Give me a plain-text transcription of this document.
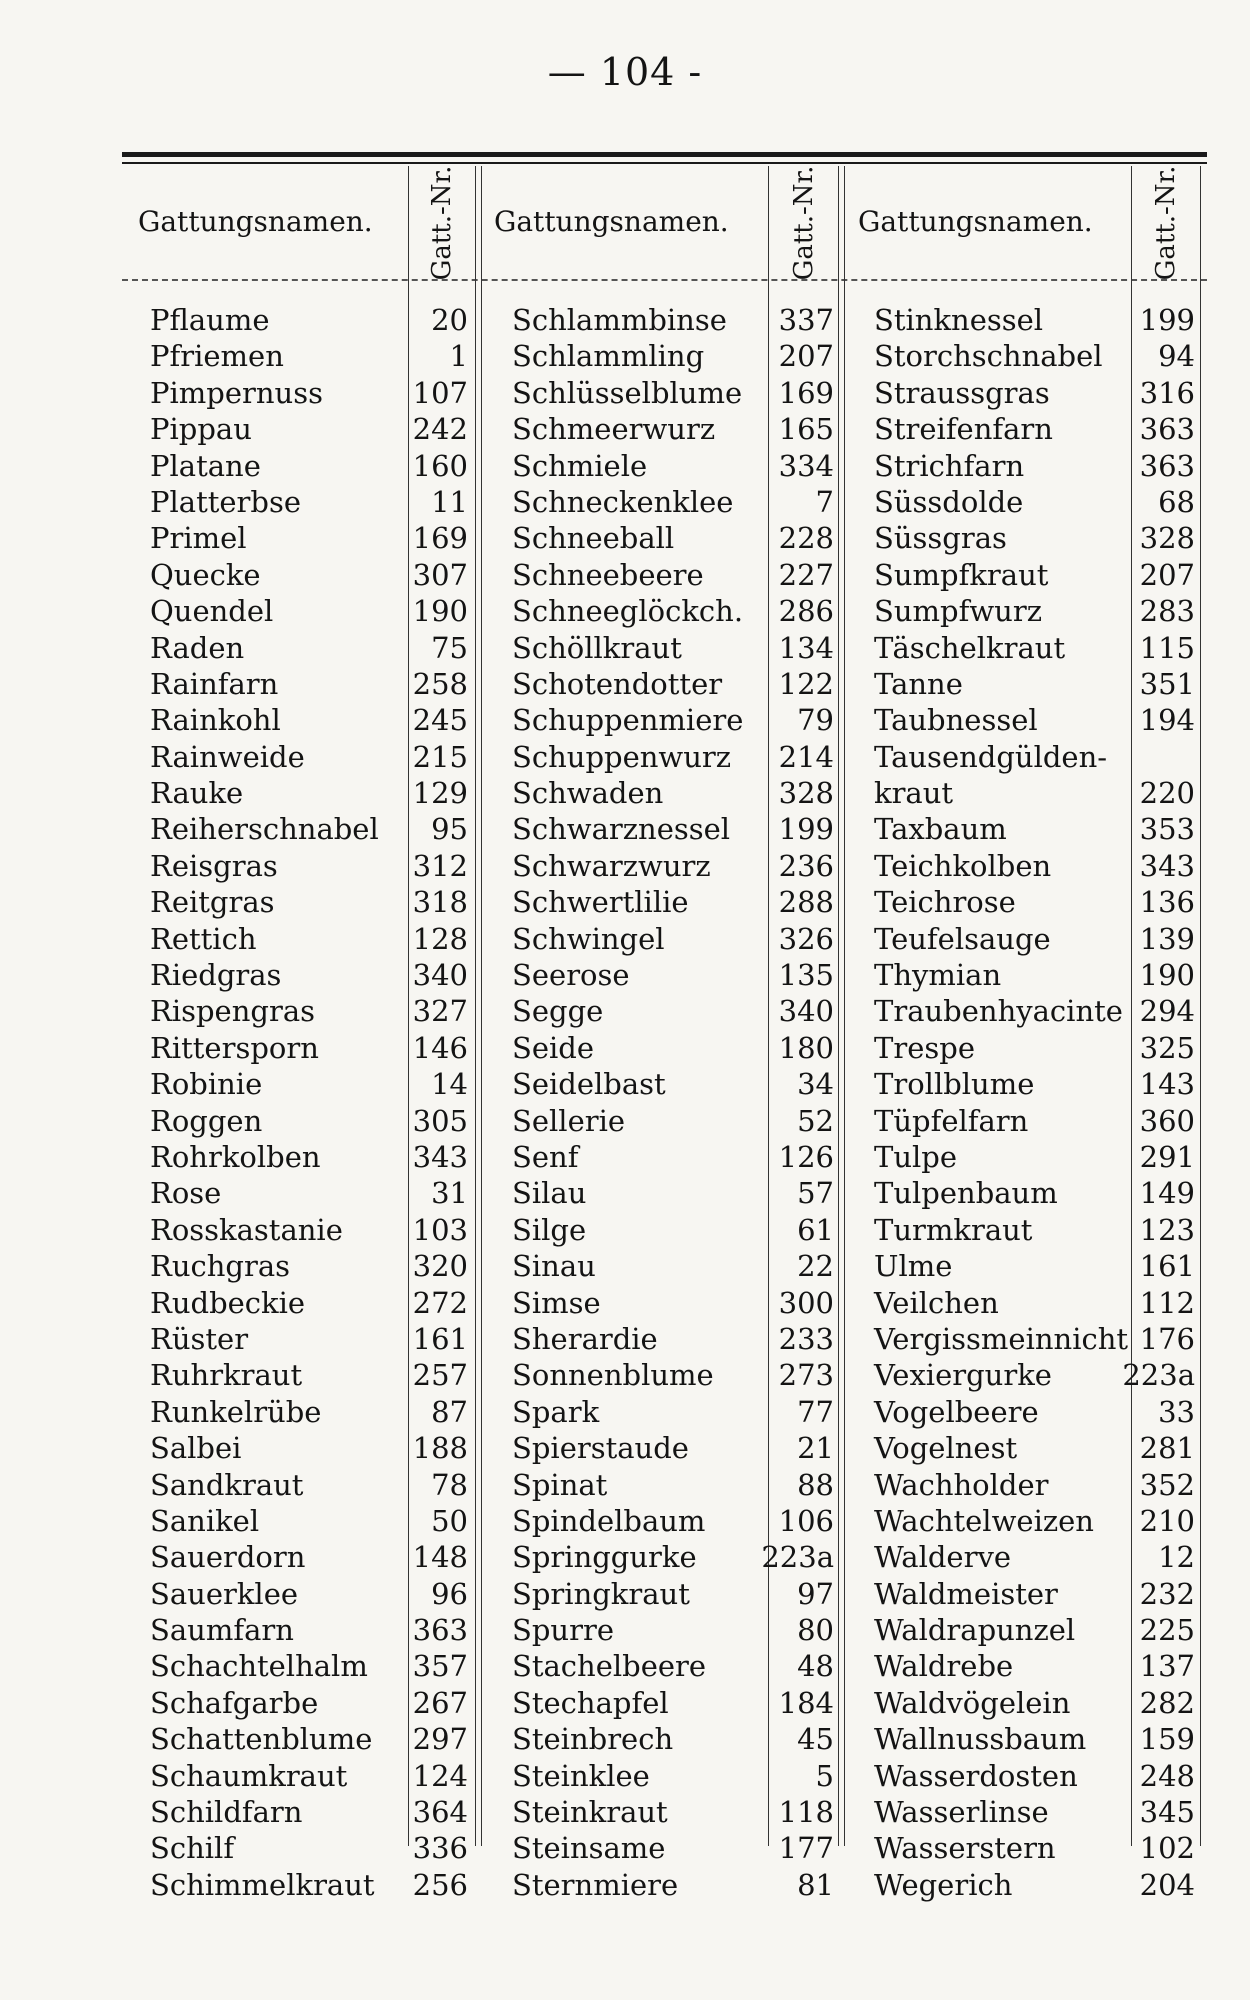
— 104 -
Gattungsnamen. Gatt.-Nr. Gattungsnamen. Gatt.-Nr. Gattungsnamen. Gatt.-Nr.
Pflaume	20
Pfriemen	1
Pimpernuss	107
Pippau	242
Platane	160
Platterbse	11
Primel	169
Quecke	307
Quendel	190
Raden	75
Rainfarn	258
Rainkohl	245
Rainweide	215
Rauke	129
Reiherschnabel 95
Reisgras	312
Reitgras	318
Rettich	128
Riedgras	340
Rispengras	327
Rittersporn	146
Robinie	14
Roggen	305
Rohrkolben	343
Rose	31
Rosskastanie 103
Ruchgras	320
Rudbeckie	272
Rüster	161
Ruhrkraut	257
Runkelrübe	87
Salbei	188
Sandkraut	78
Sanikel	50
Sauerdorn	148
Sauerklee	96
Saumfarn	363
Schachtelhalm 357
Schafgarbe	267
Schattenblume 297
Schaumkraut 124
Schildfarn	364
Schilf	336
Schimmelkraut 256
Schlammbinse 337
Schlammling	207
Schlüsselblume 169
Schmeerwurz 165
Schmiele	334
Schneckenklee	7
Schneeball	228
Schneebeere	227
Schneeglöckch. 286
Schöllkraut	134
Schotendotter 122
Schuppenmiere 79
Schuppenwurz 214
Schwaden	328
Schwarznessel 199
Schwarzwurz 236
Schwertlilie	288
Schwingel	326
Seerose	135
Segge	340
Seide	180
Seidelbast	34
Sellerie	52
Senf	126
Silau	57
Silge	61
Sinau	22
Simse	300
Sherardie	233
Sonnenblume 273
Spark	77
Spierstaude	21
Spinat	88
Spindelbaum	106
Springgurke 223a
Springkraut	97
Spurre	80
Stachelbeere	48
Stechapfel	184
Steinbrech	45
Steinklee	5
Steinkraut	118
Steinsame	177
Sternmiere	81
Stinknessel	199
Storchschnabel 94
Straussgras	316
Streifenfarn	363
Strichfarn	363
Süssdolde	68
Süssgras	328
Sumpfkraut	207
Sumpfwurz	283
Täschelkraut	115
Tanne	351
Taubnessel	194
Tausendgülden-
kraut	220
Taxbaum	353
Teichkolben	343
Teichrose	136
Teufelsauge	139
Thymian	190
Traubenhyacinte 294
Trespe	325
Trollblume	143
Tüpfelfarn	360
Tulpe	291
Tulpenbaum	149
Turmkraut	123
Ulme	161
Veilchen	112
Vergissmeinnicht 176
Vexiergurke 223a
Vogelbeere	33
Vogelnest	281
Wachholder	352
Wachtelweizen 210
Walderve	12
Waldmeister	232
Waldrapunzel 225
Waldrebe	137
Waldvögelein 282
Wallnussbaum 159
Wasserdosten 248
Wasserlinse	345
Wasserstern	102
Wegerich	204
